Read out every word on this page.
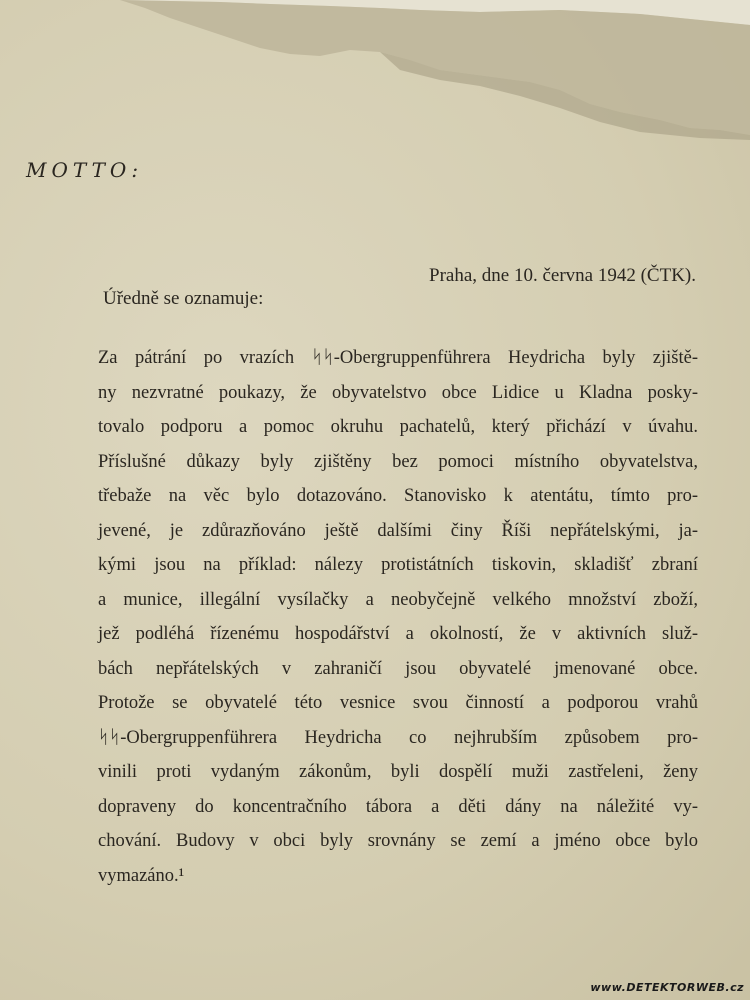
MOTTO:
Praha, dne 10. června 1942 (ČTK).
Úředně se oznamuje:
Za pátrání po vrazích ᛋᛋ-Obergruppenführera Heydricha byly zjiště-
ny nezvratné poukazy, že obyvatelstvo obce Lidice u Kladna posky-
tovalo podporu a pomoc okruhu pachatelů, který přichází v úvahu.
Příslušné důkazy byly zjištěny bez pomoci místního obyvatelstva,
třebaže na věc bylo dotazováno. Stanovisko k atentátu, tímto pro-
jevené, je zdůrazňováno ještě dalšími činy Říši nepřátelskými, ja-
kými jsou na příklad: nálezy protistátních tiskovin, skladišť zbraní
a munice, illegální vysílačky a neobyčejně velkého množství zboží,
jež podléhá řízenému hospodářství a okolností, že v aktivních služ-
bách nepřátelských v zahraničí jsou obyvatelé jmenované obce.
Protože se obyvatelé této vesnice svou činností a podporou vrahů
ᛋᛋ-Obergruppenführera Heydricha co nejhrubším způsobem pro-
vinili proti vydaným zákonům, byli dospělí muži zastřeleni, ženy
dopraveny do koncentračního tábora a děti dány na náležité vy-
chování. Budovy v obci byly srovnány se zemí a jméno obce bylo
vymazáno.¹
www.DETEKTORWEB.cz
